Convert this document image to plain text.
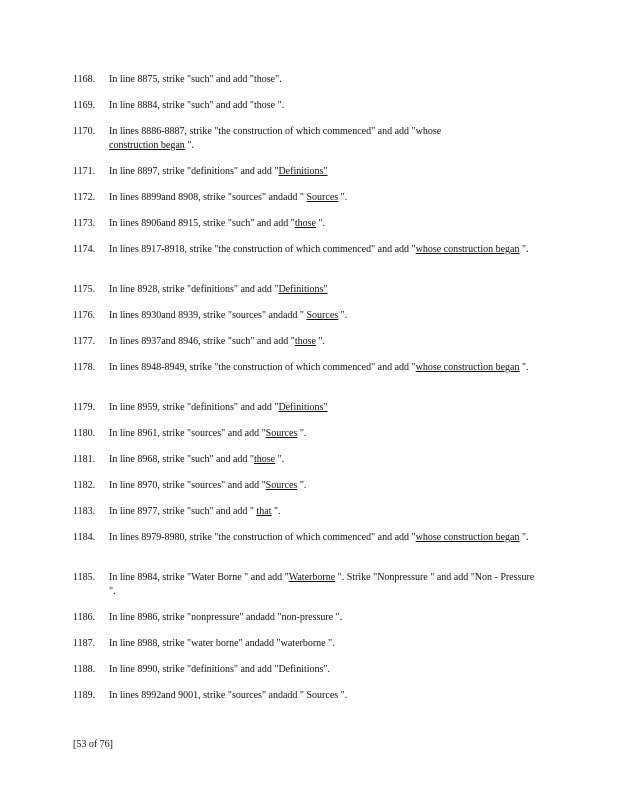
1168.	In line 8875, strike "such" and add "those".
1169.	In line 8884, strike "such" and add "those ".
1170.	In lines 8886-8887, strike "the construction of which commenced" and add "whose
construction began ".
1171.	In line 8897, strike "definitions" and add "Definitions"
1172.	In lines 8899and 8908, strike "sources" andadd " Sources ".
1173.	In lines 8906and 8915, strike "such" and add "those ".
1174.	In lines 8917-8918, strike "the construction of which commenced" and add "whose construction began ".
1175.	In line 8928, strike "definitions" and add "Definitions"
1176.	In lines 8930and 8939, strike "sources" andadd " Sources ".
1177.	In lines 8937and 8946, strike "such" and add "those ".
1178.	In lines 8948-8949, strike "the construction of which commenced" and add "whose construction began ".
1179.	In line 8959, strike "definitions" and add "Definitions"
1180.	In line 8961, strike "sources" and add "Sources ".
1181.	In line 8968, strike "such" and add "those ".
1182.	In line 8970, strike "sources" and add "Sources ".
1183.	In line 8977, strike "such" and add " that ".
1184.	In lines 8979-8980, strike "the construction of which commenced" and add "whose construction began ".
1185.	In line 8984, strike "Water Borne " and add "Waterborne ". Strike "Nonpressure " and add "Non - Pressure ".
1186.	In line 8986, strike "nonpressure" andadd "non-pressure ".
1187.	In line 8988, strike "water borne" andadd "waterborne ".
1188.	In line 8990, strike "definitions" and add "Definitions".
1189.	In lines 8992and 9001, strike "sources" andadd " Sources ".
[53 of 76]
